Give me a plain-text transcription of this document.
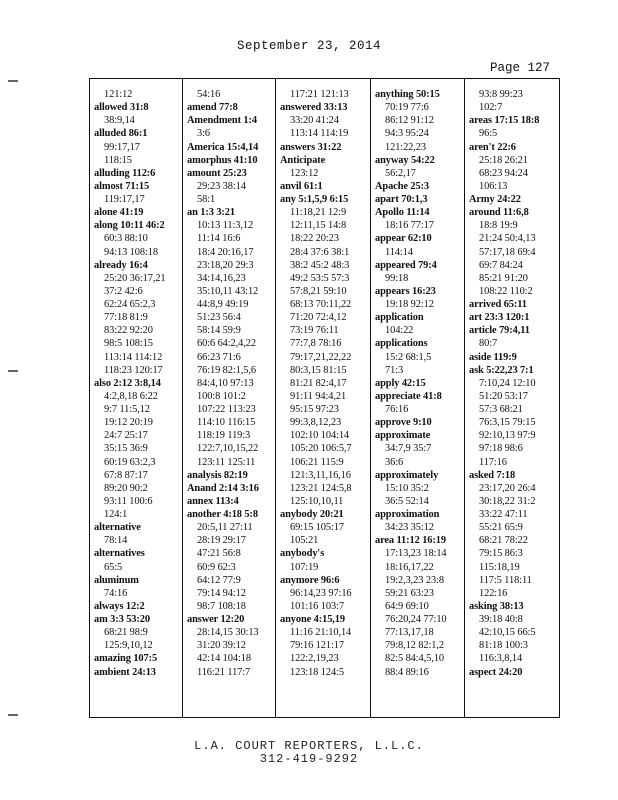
September 23, 2014
Page 127
121:12
allowed 31:8
38:9,14
alluded 86:1
99:17,17
118:15
alluding 112:6
almost 71:15
119:17,17
alone 41:19
along 10:11 46:2
60:3 88:10
94:13 108:18
already 16:4
25:20 36:17,21
37:2 42:6
62:24 65:2,3
77:18 81:9
83:22 92:20
98:5 108:15
113:14 114:12
118:23 120:17
also 2:12 3:8,14
4:2,8,18 6:22
9:7 11:5,12
19:12 20:19
24:7 25:17
35:15 36:9
60:19 63:2,3
67:8 87:17
89:20 90:2
93:11 100:6
124:1
alternative
78:14
alternatives
65:5
aluminum
74:16
always 12:2
am 3:3 53:20
68:21 98:9
125:9,10,12
amazing 107:5
ambient 24:13
54:16
amend 77:8
Amendment 1:4
3:6
America 15:4,14
amorphus 41:10
amount 25:23
29:23 38:14
58:1
an 1:3 3:21
10:13 11:3,12
11:14 16:6
18:4 20:16,17
23:18,20 29:3
34:14,16,23
35:10,11 43:12
44:8,9 49:19
51:23 56:4
58:14 59:9
60:6 64:2,4,22
66:23 71:6
76:19 82:1,5,6
84:4,10 97:13
100:8 101:2
107:22 113:23
114:10 116:15
118:19 119:3
122:7,10,15,22
123:11 125:11
analysis 82:19
Anand 2:14 3:16
annex 113:4
another 4:18 5:8
20:5,11 27:11
28:19 29:17
47:21 56:8
60:9 62:3
64:12 77:9
79:14 94:12
98:7 108:18
answer 12:20
28:14,15 30:13
31:20 39:12
42:14 104:18
116:21 117:7
117:21 121:13
answered 33:13
33:20 41:24
113:14 114:19
answers 31:22
Anticipate
123:12
anvil 61:1
any 5:1,5,9 6:15
11:18,21 12:9
12:11,15 14:8
18:22 20:23
28:4 37:6 38:1
38:2 45:2 48:3
49:2 53:5 57:3
57:8,21 59:10
68:13 70:11,22
71:20 72:4,12
73:19 76:11
77:7,8 78:16
79:17,21,22,22
80:3,15 81:15
81:21 82:4,17
91:11 94:4,21
95:15 97:23
99:3,8,12,23
102:10 104:14
105:20 106:5,7
106:21 115:9
121:3,11,16,16
123:21 124:5,8
125:10,10,11
anybody 20:21
69:15 105:17
105:21
anybody's
107:19
anymore 96:6
96:14,23 97:16
101:16 103:7
anyone 4:15,19
11:16 21:10,14
79:16 121:17
122:2,19,23
123:18 124:5
anything 50:15
70:19 77:6
86:12 91:12
94:3 95:24
121:22,23
anyway 54:22
56:2,17
Apache 25:3
apart 70:1,3
Apollo 11:14
18:16 77:17
appear 62:10
114:14
appeared 79:4
99:18
appears 16:23
19:18 92:12
application
104:22
applications
15:2 68:1,5
71:3
apply 42:15
appreciate 41:8
76:16
approve 9:10
approximate
34:7,9 35:7
36:6
approximately
15:10 35:2
36:5 52:14
approximation
34:23 35:12
area 11:12 16:19
17:13,23 18:14
18:16,17,22
19:2,3,23 23:8
59:21 63:23
64:9 69:10
76:20,24 77:10
77:13,17,18
79:8,12 82:1,2
82:5 84:4,5,10
88:4 89:16
93:8 99:23
102:7
areas 17:15 18:8
96:5
aren't 22:6
25:18 26:21
68:23 94:24
106:13
Army 24:22
around 11:6,8
18:8 19:9
21:24 50:4,13
57:17,18 69:4
69:7 84:24
85:21 91:20
108:22 110:2
arrived 65:11
art 23:3 120:1
article 79:4,11
80:7
aside 119:9
ask 5:22,23 7:1
7:10,24 12:10
51:20 53:17
57:3 68:21
76:3,15 79:15
92:10,13 97:9
97:18 98:6
117:16
asked 7:18
23:17,20 26:4
30:18,22 31:2
33:22 47:11
55:21 65:9
68:21 78:22
79:15 86:3
115:18,19
117:5 118:11
122:16
asking 38:13
39:18 40:8
42:10,15 66:5
81:18 100:3
116:3,8,14
aspect 24:20
L.A. COURT REPORTERS, L.L.C.
312-419-9292
